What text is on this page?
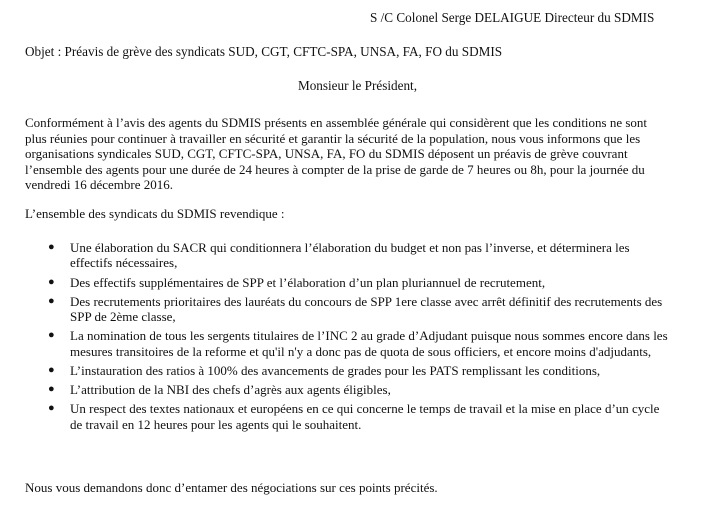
S /C Colonel Serge DELAIGUE Directeur du SDMIS
Objet : Préavis de grève des syndicats SUD, CGT, CFTC-SPA, UNSA, FA, FO du SDMIS
Monsieur le Président,

Conformément à l’avis des agents du SDMIS présents en assemblée générale qui considèrent que les conditions ne sont
plus réunies pour continuer à travailler en sécurité et garantir la sécurité de la population, nous vous informons que les
organisations syndicales SUD, CGT, CFTC-SPA, UNSA, FA, FO du SDMIS déposent un préavis de grève couvrant
l’ensemble des agents pour une durée de 24 heures à compter de la prise de garde de 7 heures ou 8h, pour la journée du
vendredi 16 décembre 2016.

L’ensemble des syndicats du SDMIS revendique :
● Une élaboration du SACR qui conditionnera l’élaboration du budget et non pas l’inverse, et déterminera les
effectifs nécessaires,
● Des effectifs supplémentaires de SPP et l’élaboration d’un plan pluriannuel de recrutement,
● Des recrutements prioritaires des lauréats du concours de SPP 1ere classe avec arrêt définitif des recrutements des
SPP de 2ème classe,
● La nomination de tous les sergents titulaires de l’INC 2 au grade d’Adjudant puisque nous sommes encore dans les
mesures transitoires de la reforme et qu'il n'y a donc pas de quota de sous officiers, et encore moins d'adjudants,
● L’instauration des ratios à 100% des avancements de grades pour les PATS remplissant les conditions,
● L’attribution de la NBI des chefs d’agrès aux agents éligibles,
● Un respect des textes nationaux et européens en ce qui concerne le temps de travail et la mise en place d’un cycle
de travail en 12 heures pour les agents qui le souhaitent.
Nous vous demandons donc d’entamer des négociations sur ces points précités.
